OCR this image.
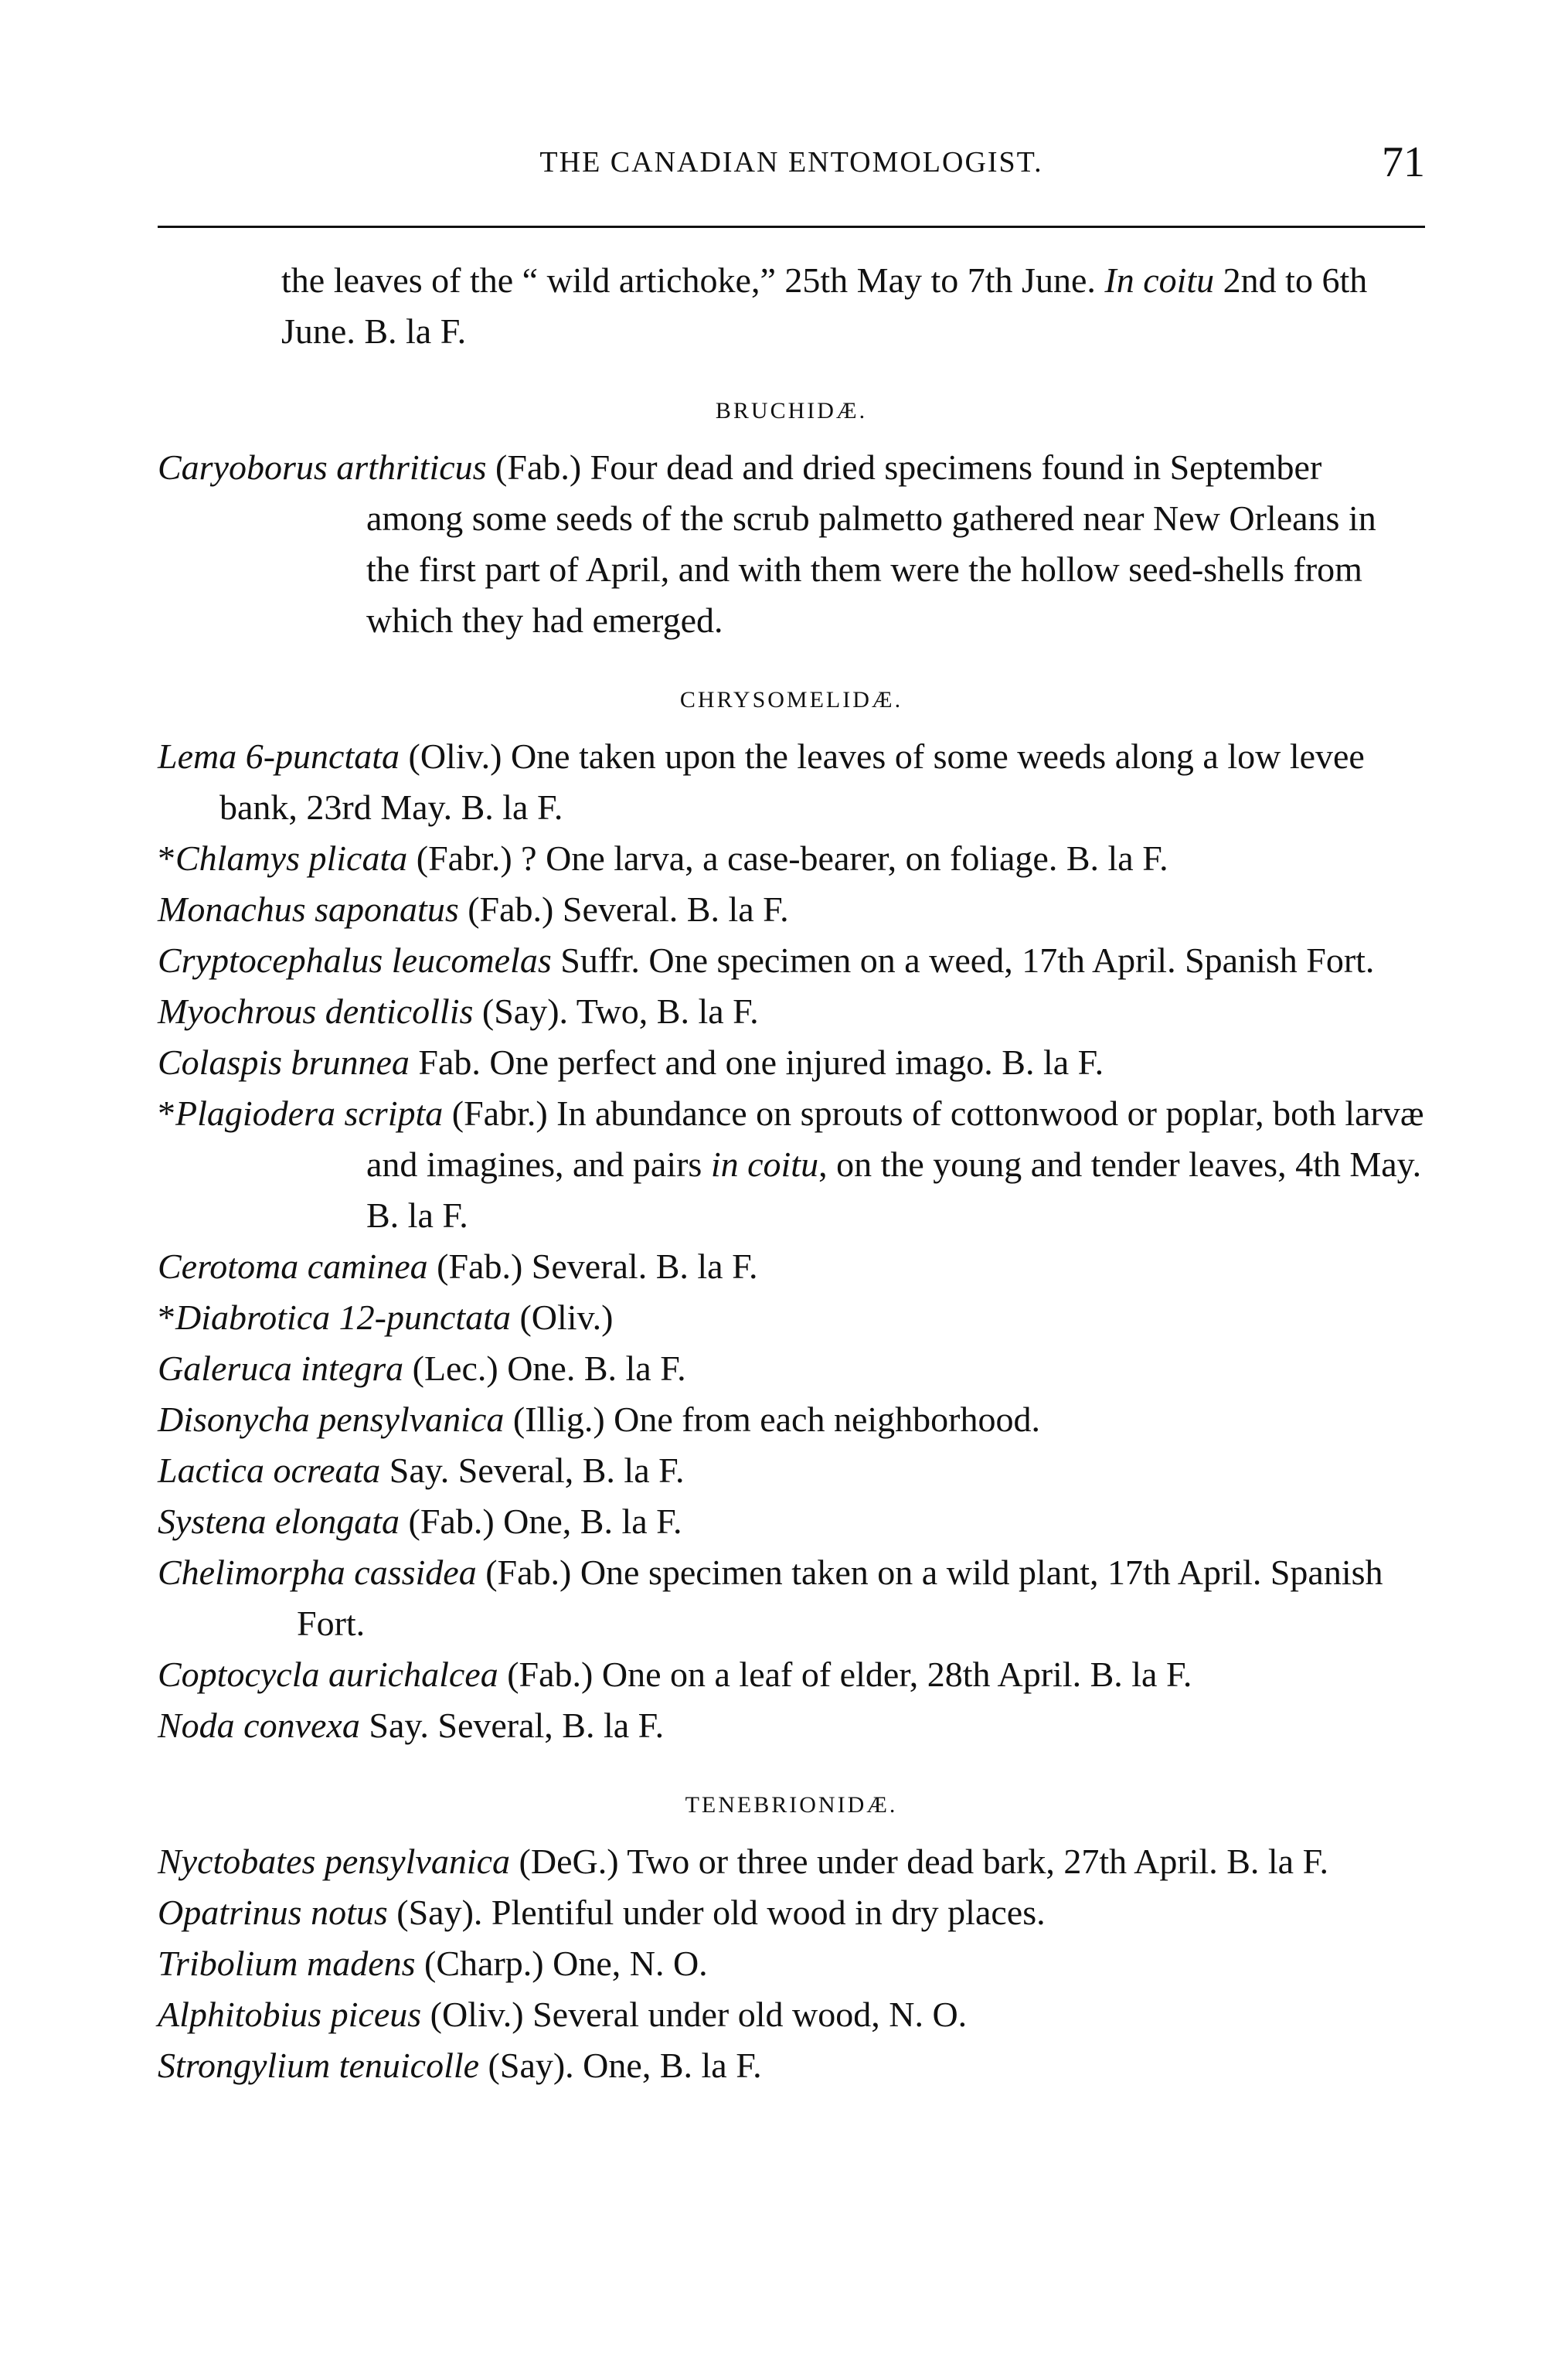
THE CANADIAN ENTOMOLOGIST.	71

the leaves of the “ wild artichoke,” 25th May to 7th June. In coitu 2nd to 6th June. B. la F.

BRUCHIDÆ.

Caryoborus arthriticus (Fab.) Four dead and dried specimens found in September among some seeds of the scrub palmetto gathered near New Orleans in the first part of April, and with them were the hollow seed-shells from which they had emerged.

CHRYSOMELIDÆ.

Lema 6-punctata (Oliv.) One taken upon the leaves of some weeds along a low levee bank, 23rd May. B. la F.

*Chlamys plicata (Fabr.) ? One larva, a case-bearer, on foliage. B. la F.

Monachus saponatus (Fab.) Several. B. la F.

Cryptocephalus leucomelas Suffr. One specimen on a weed, 17th April. Spanish Fort.

Myochrous denticollis (Say). Two, B. la F.

Colaspis brunnea Fab. One perfect and one injured imago. B. la F.

*Plagiodera scripta (Fabr.) In abundance on sprouts of cottonwood or poplar, both larvæ and imagines, and pairs in coitu, on the young and tender leaves, 4th May. B. la F.

Cerotoma caminea (Fab.) Several. B. la F.

*Diabrotica 12-punctata (Oliv.)

Galeruca integra (Lec.) One. B. la F.

Disonycha pensylvanica (Illig.) One from each neighborhood.

Lactica ocreata Say. Several, B. la F.

Systena elongata (Fab.) One, B. la F.

Chelimorpha cassidea (Fab.) One specimen taken on a wild plant, 17th April. Spanish Fort.

Coptocycla aurichalcea (Fab.) One on a leaf of elder, 28th April. B. la F.

Noda convexa Say. Several, B. la F.

TENEBRIONIDÆ.

Nyctobates pensylvanica (DeG.) Two or three under dead bark, 27th April. B. la F.

Opatrinus notus (Say). Plentiful under old wood in dry places.

Tribolium madens (Charp.) One, N. O.

Alphitobius piceus (Oliv.) Several under old wood, N. O.

Strongylium tenuicolle (Say). One, B. la F.
